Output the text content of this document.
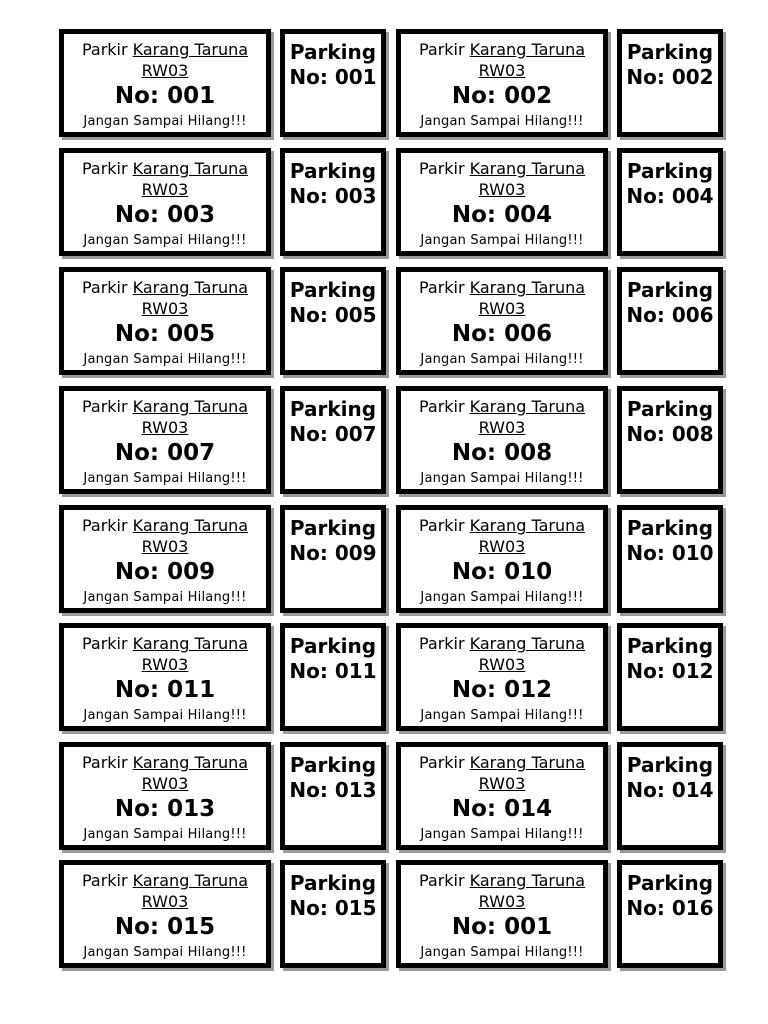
Parkir Karang Taruna
RW03
No: 001
Jangan Sampai Hilang!!!
Parking
No: 001
Parkir Karang Taruna
RW03
No: 002
Jangan Sampai Hilang!!!
Parking
No: 002
Parkir Karang Taruna
RW03
No: 003
Jangan Sampai Hilang!!!
Parking
No: 003
Parkir Karang Taruna
RW03
No: 004
Jangan Sampai Hilang!!!
Parking
No: 004
Parkir Karang Taruna
RW03
No: 005
Jangan Sampai Hilang!!!
Parking
No: 005
Parkir Karang Taruna
RW03
No: 006
Jangan Sampai Hilang!!!
Parking
No: 006
Parkir Karang Taruna
RW03
No: 007
Jangan Sampai Hilang!!!
Parking
No: 007
Parkir Karang Taruna
RW03
No: 008
Jangan Sampai Hilang!!!
Parking
No: 008
Parkir Karang Taruna
RW03
No: 009
Jangan Sampai Hilang!!!
Parking
No: 009
Parkir Karang Taruna
RW03
No: 010
Jangan Sampai Hilang!!!
Parking
No: 010
Parkir Karang Taruna
RW03
No: 011
Jangan Sampai Hilang!!!
Parking
No: 011
Parkir Karang Taruna
RW03
No: 012
Jangan Sampai Hilang!!!
Parking
No: 012
Parkir Karang Taruna
RW03
No: 013
Jangan Sampai Hilang!!!
Parking
No: 013
Parkir Karang Taruna
RW03
No: 014
Jangan Sampai Hilang!!!
Parking
No: 014
Parkir Karang Taruna
RW03
No: 015
Jangan Sampai Hilang!!!
Parking
No: 015
Parkir Karang Taruna
RW03
No: 001
Jangan Sampai Hilang!!!
Parking
No: 016
